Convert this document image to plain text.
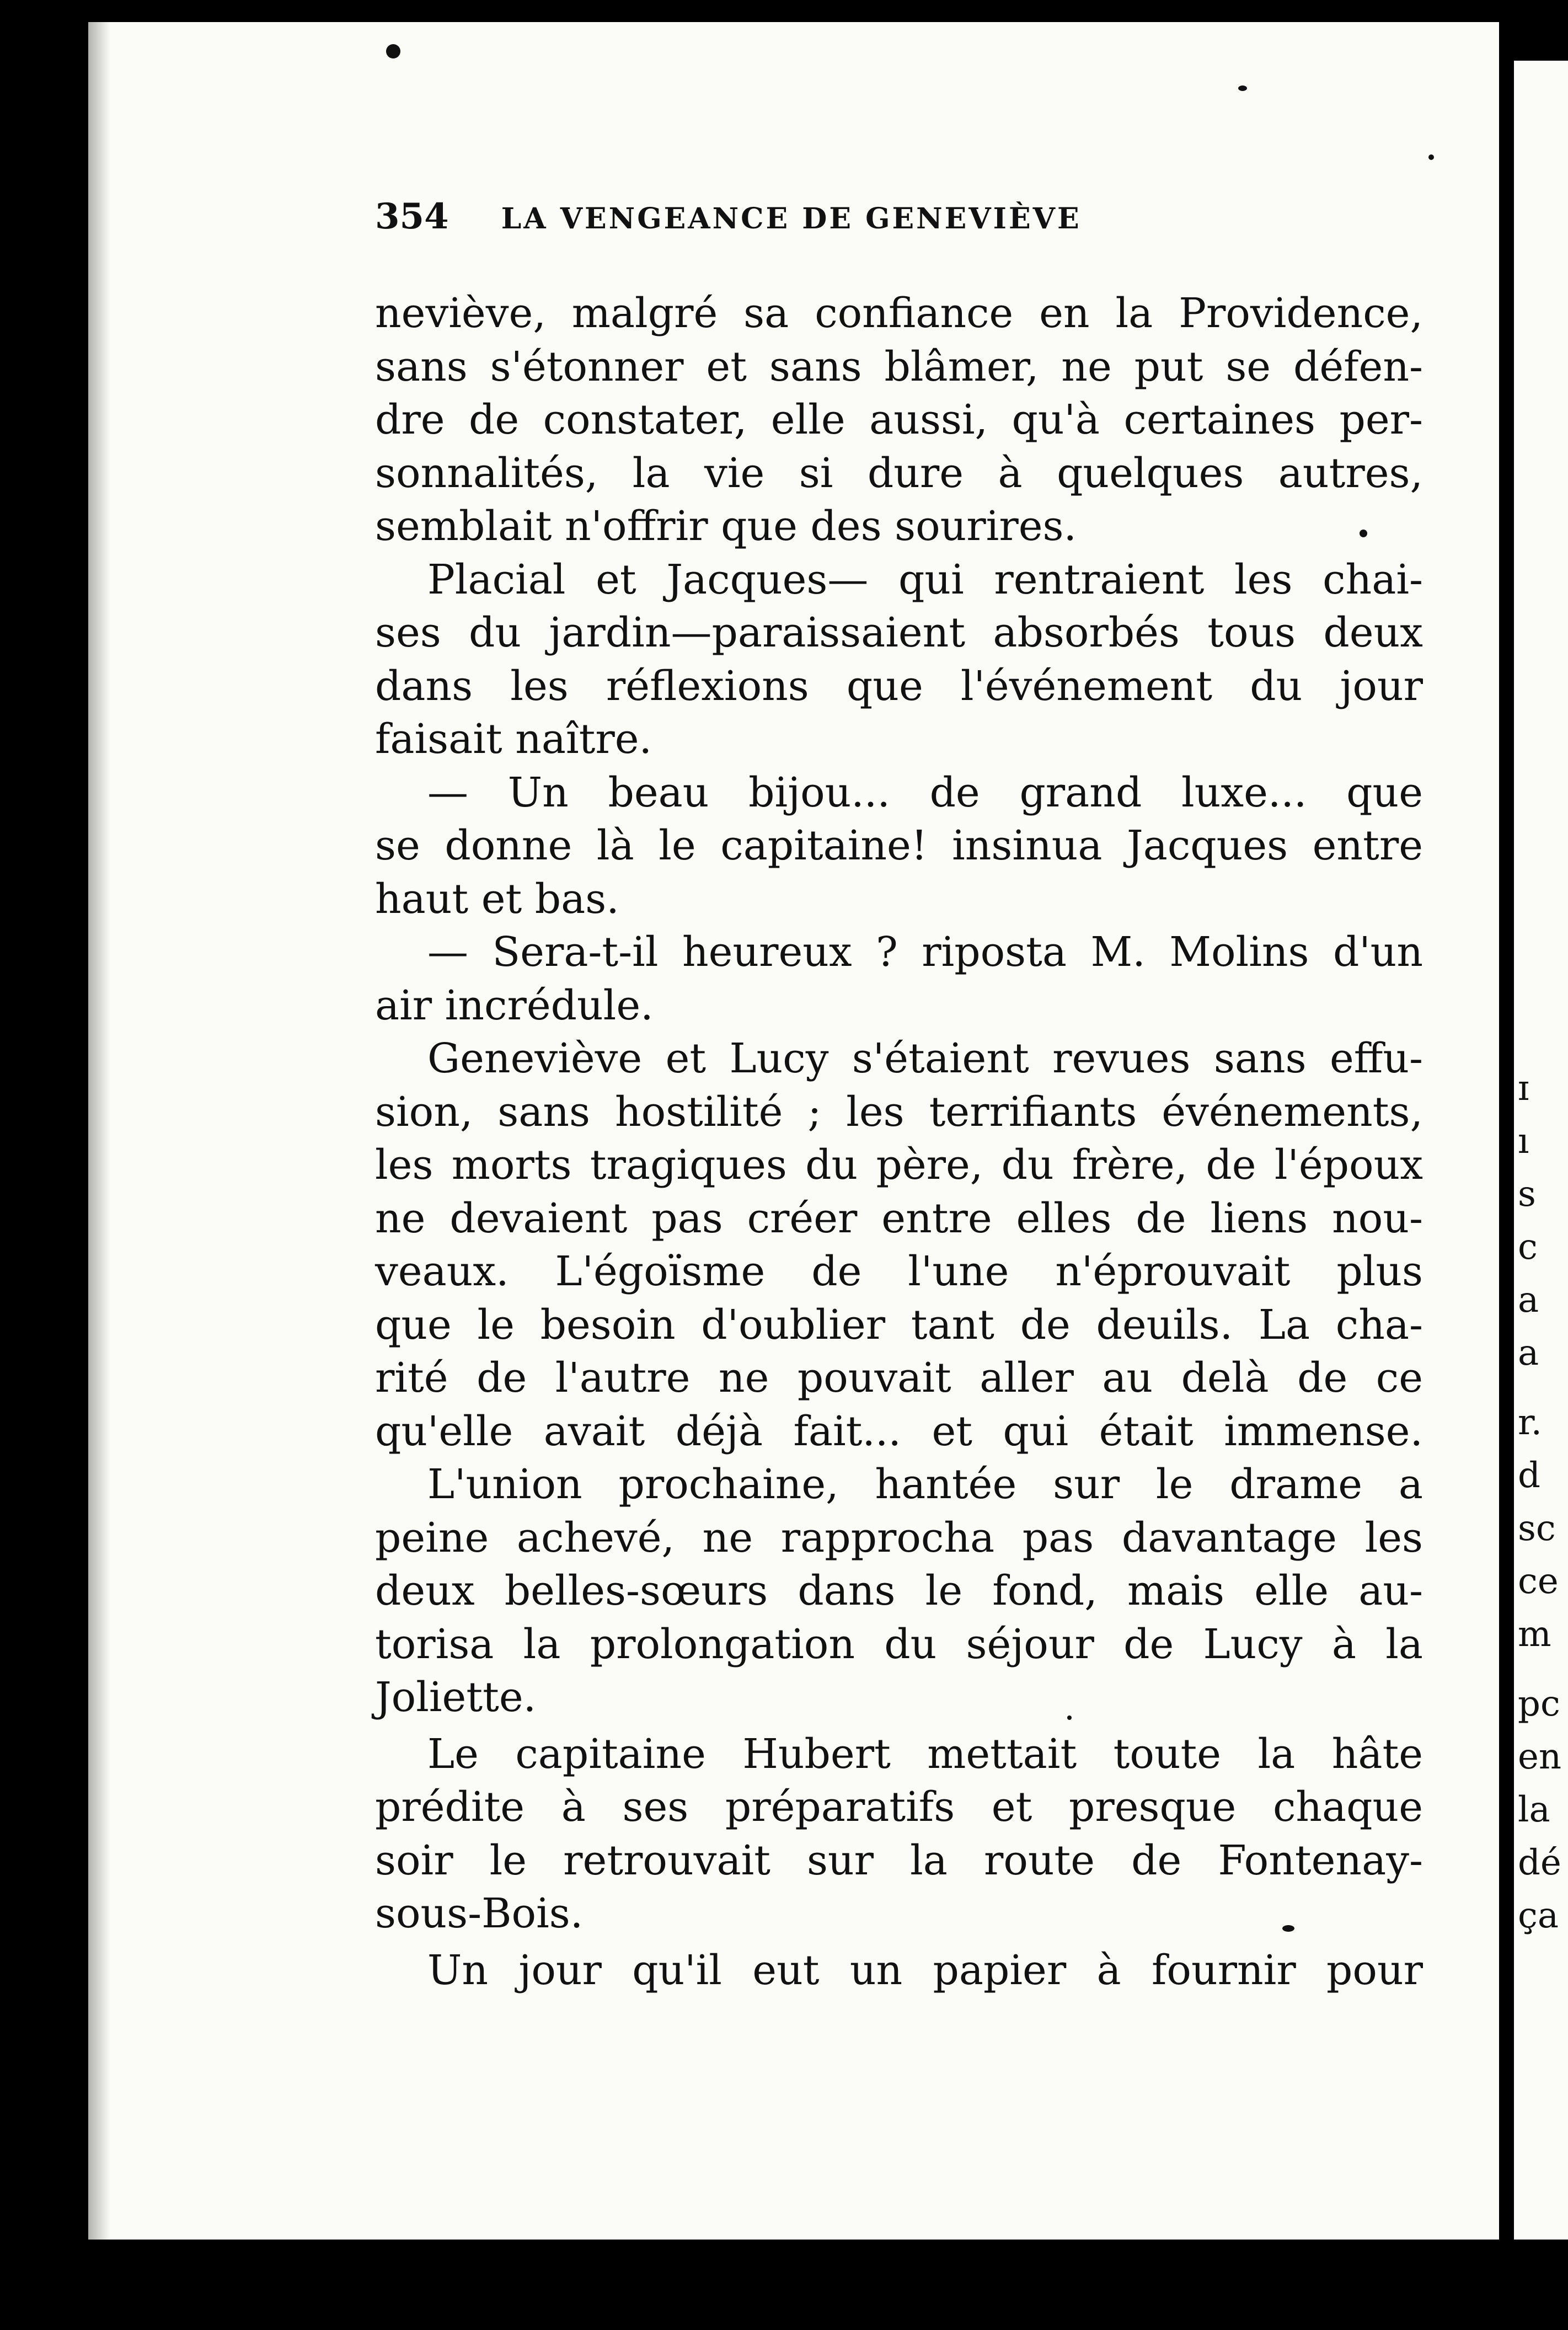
354 LA VENGEANCE DE GENEVIÈVE
neviève, malgré sa confiance en la Providence,
sans s'étonner et sans blâmer, ne put se défen-
dre de constater, elle aussi, qu'à certaines per-
sonnalités, la vie si dure à quelques autres,
semblait n'offrir que des sourires.
Placial et Jacques— qui rentraient les chai-
ses du jardin—paraissaient absorbés tous deux
dans les réflexions que l'événement du jour
faisait naître.
— Un beau bijou... de grand luxe... que
se donne là le capitaine! insinua Jacques entre
haut et bas.
— Sera-t-il heureux ? riposta M. Molins d'un
air incrédule.
Geneviève et Lucy s'étaient revues sans effu-
sion, sans hostilité ; les terrifiants événements,
les morts tragiques du père, du frère, de l'époux
ne devaient pas créer entre elles de liens nou-
veaux. L'égoïsme de l'une n'éprouvait plus
que le besoin d'oublier tant de deuils. La cha-
rité de l'autre ne pouvait aller au delà de ce
qu'elle avait déjà fait... et qui était immense.
L'union prochaine, hantée sur le drame a
peine achevé, ne rapprocha pas davantage les
deux belles-sœurs dans le fond, mais elle au-
torisa la prolongation du séjour de Lucy à la
Joliette.
Le capitaine Hubert mettait toute la hâte
prédite à ses préparatifs et presque chaque
soir le retrouvait sur la route de Fontenay-
sous-Bois.
Un jour qu'il eut un papier à fournir pour
ɪ
ı
s
c
a
a
r.
d
sc
ce
m
pc
en
la
dé
ça
